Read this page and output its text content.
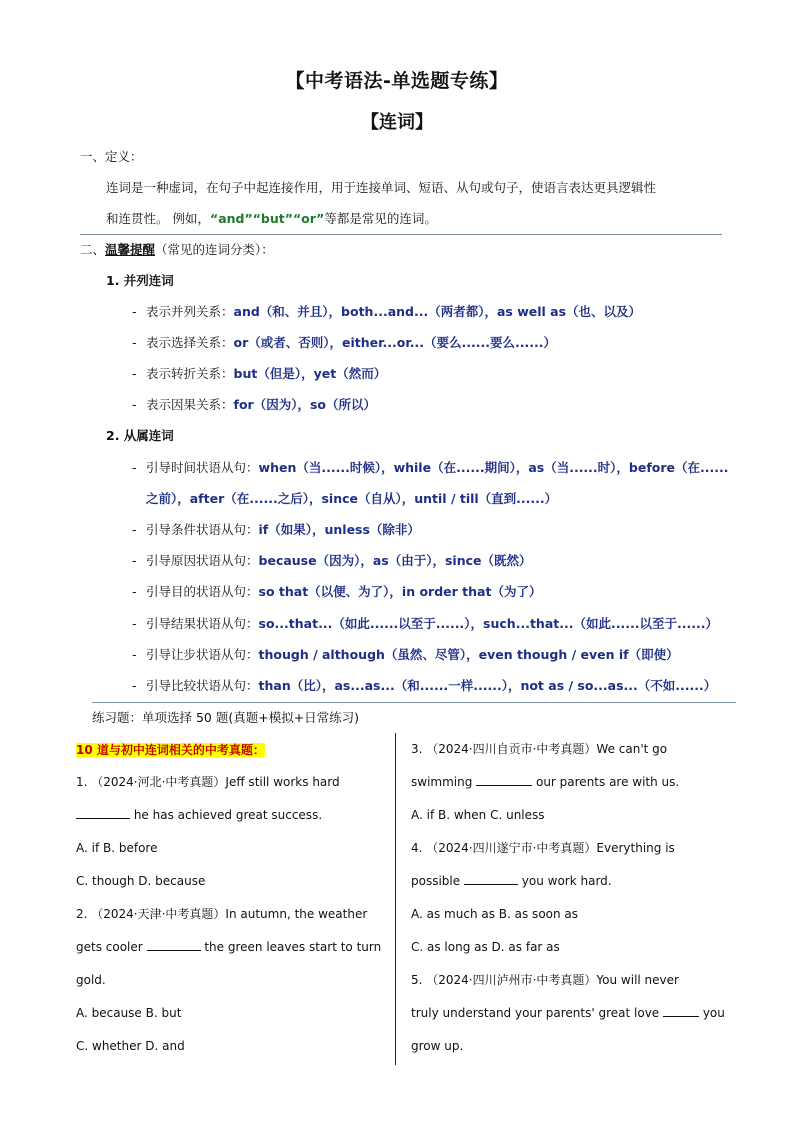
【中考语法-单选题专练】
【连词】
一、定义：
连词是一种虚词，在句子中起连接作用，用于连接单词、短语、从句或句子，使语言表达更具逻辑性
和连贯性。 例如，“and”“but”“or”等都是常见的连词。
二、温馨提醒（常见的连词分类）：
1. 并列连词
- 表示并列关系：and（和、并且），both...and...（两者都），as well as（也、以及）
- 表示选择关系：or（或者、否则），either...or...（要么......要么......）
- 表示转折关系：but（但是），yet（然而）
- 表示因果关系：for（因为），so（所以）
2. 从属连词
- 引导时间状语从句：when（当......时候），while（在......期间），as（当......时），before（在......
之前），after（在......之后），since（自从），until / till（直到......）
- 引导条件状语从句：if（如果），unless（除非）
- 引导原因状语从句：because（因为），as（由于），since（既然）
- 引导目的状语从句：so that（以便、为了），in order that（为了）
- 引导结果状语从句：so...that...（如此......以至于......），such...that...（如此......以至于......）
- 引导让步状语从句：though / although（虽然、尽管），even though / even if（即使）
- 引导比较状语从句：than（比），as...as...（和......一样......），not as / so...as...（不如......）
练习题：单项选择 50 题(真题+模拟+日常练习)
10 道与初中连词相关的中考真题：
1. （2024·河北·中考真题）Jeff still works hard
he has achieved great success.
A. if B. before
C. though D. because
2. （2024·天津·中考真题）In autumn, the weather
gets cooler	the green leaves start to turn
gold.
A. because B. but
C. whether D. and
3. （2024·四川自贡市·中考真题）We can't go
swimming	our parents are with us.
A. if B. when C. unless
4. （2024·四川遂宁市·中考真题）Everything is
possible	you work hard.
A. as much as B. as soon as
C. as long as D. as far as
5. （2024·四川泸州市·中考真题）You will never
truly understand your parents' great love	you
grow up.
